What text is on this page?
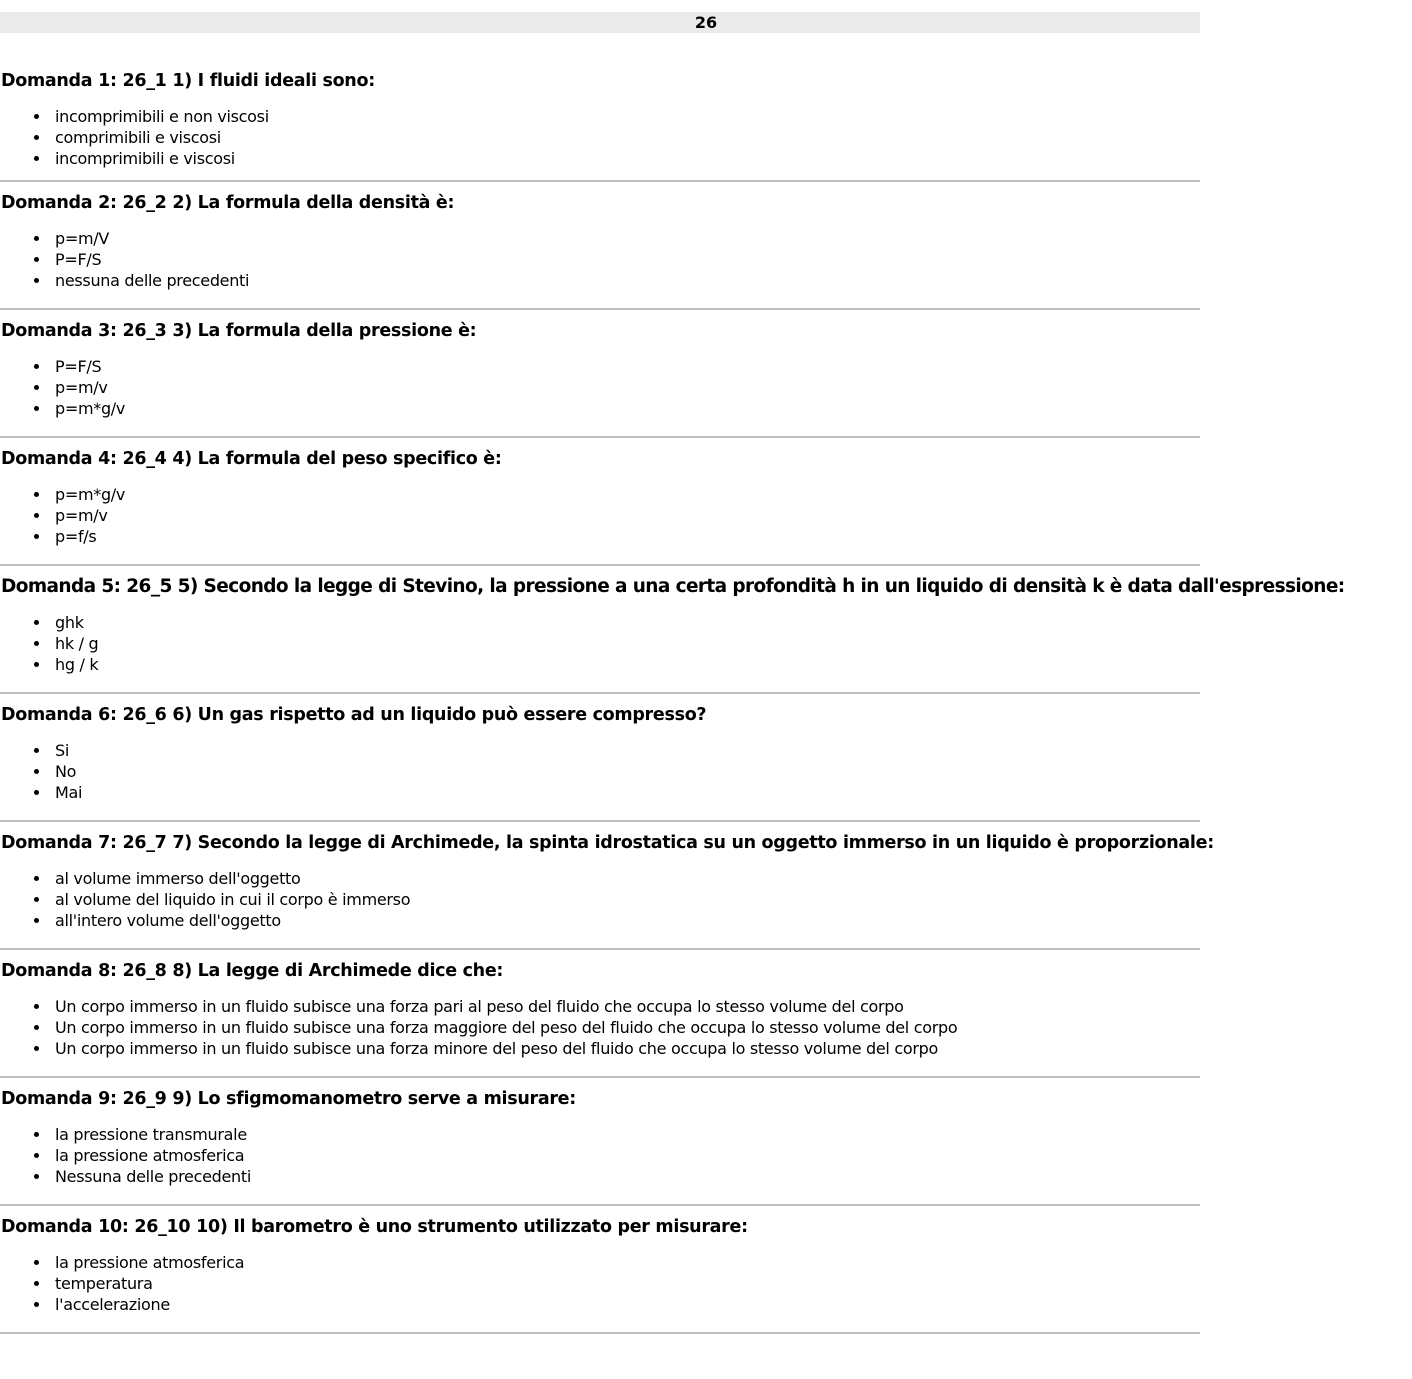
26
Domanda 1: 26_1 1) I fluidi ideali sono:
incomprimibili e non viscosi
comprimibili e viscosi
incomprimibili e viscosi
Domanda 2: 26_2 2) La formula della densità è:
p=m/V
P=F/S
nessuna delle precedenti
Domanda 3: 26_3 3) La formula della pressione è:
P=F/S
p=m/v
p=m*g/v
Domanda 4: 26_4 4) La formula del peso specifico è:
p=m*g/v
p=m/v
p=f/s
Domanda 5: 26_5 5) Secondo la legge di Stevino, la pressione a una certa profondità h in un liquido di densità k è data dall'espressione:
ghk
hk / g
hg / k
Domanda 6: 26_6 6) Un gas rispetto ad un liquido può essere compresso?
Si
No
Mai
Domanda 7: 26_7 7) Secondo la legge di Archimede, la spinta idrostatica su un oggetto immerso in un liquido è proporzionale:
al volume immerso dell'oggetto
al volume del liquido in cui il corpo è immerso
all'intero volume dell'oggetto
Domanda 8: 26_8 8) La legge di Archimede dice che:
Un corpo immerso in un fluido subisce una forza pari al peso del fluido che occupa lo stesso volume del corpo
Un corpo immerso in un fluido subisce una forza maggiore del peso del fluido che occupa lo stesso volume del corpo
Un corpo immerso in un fluido subisce una forza minore del peso del fluido che occupa lo stesso volume del corpo
Domanda 9: 26_9 9) Lo sfigmomanometro serve a misurare:
la pressione transmurale
la pressione atmosferica
Nessuna delle precedenti
Domanda 10: 26_10 10) Il barometro è uno strumento utilizzato per misurare:
la pressione atmosferica
temperatura
l'accelerazione
